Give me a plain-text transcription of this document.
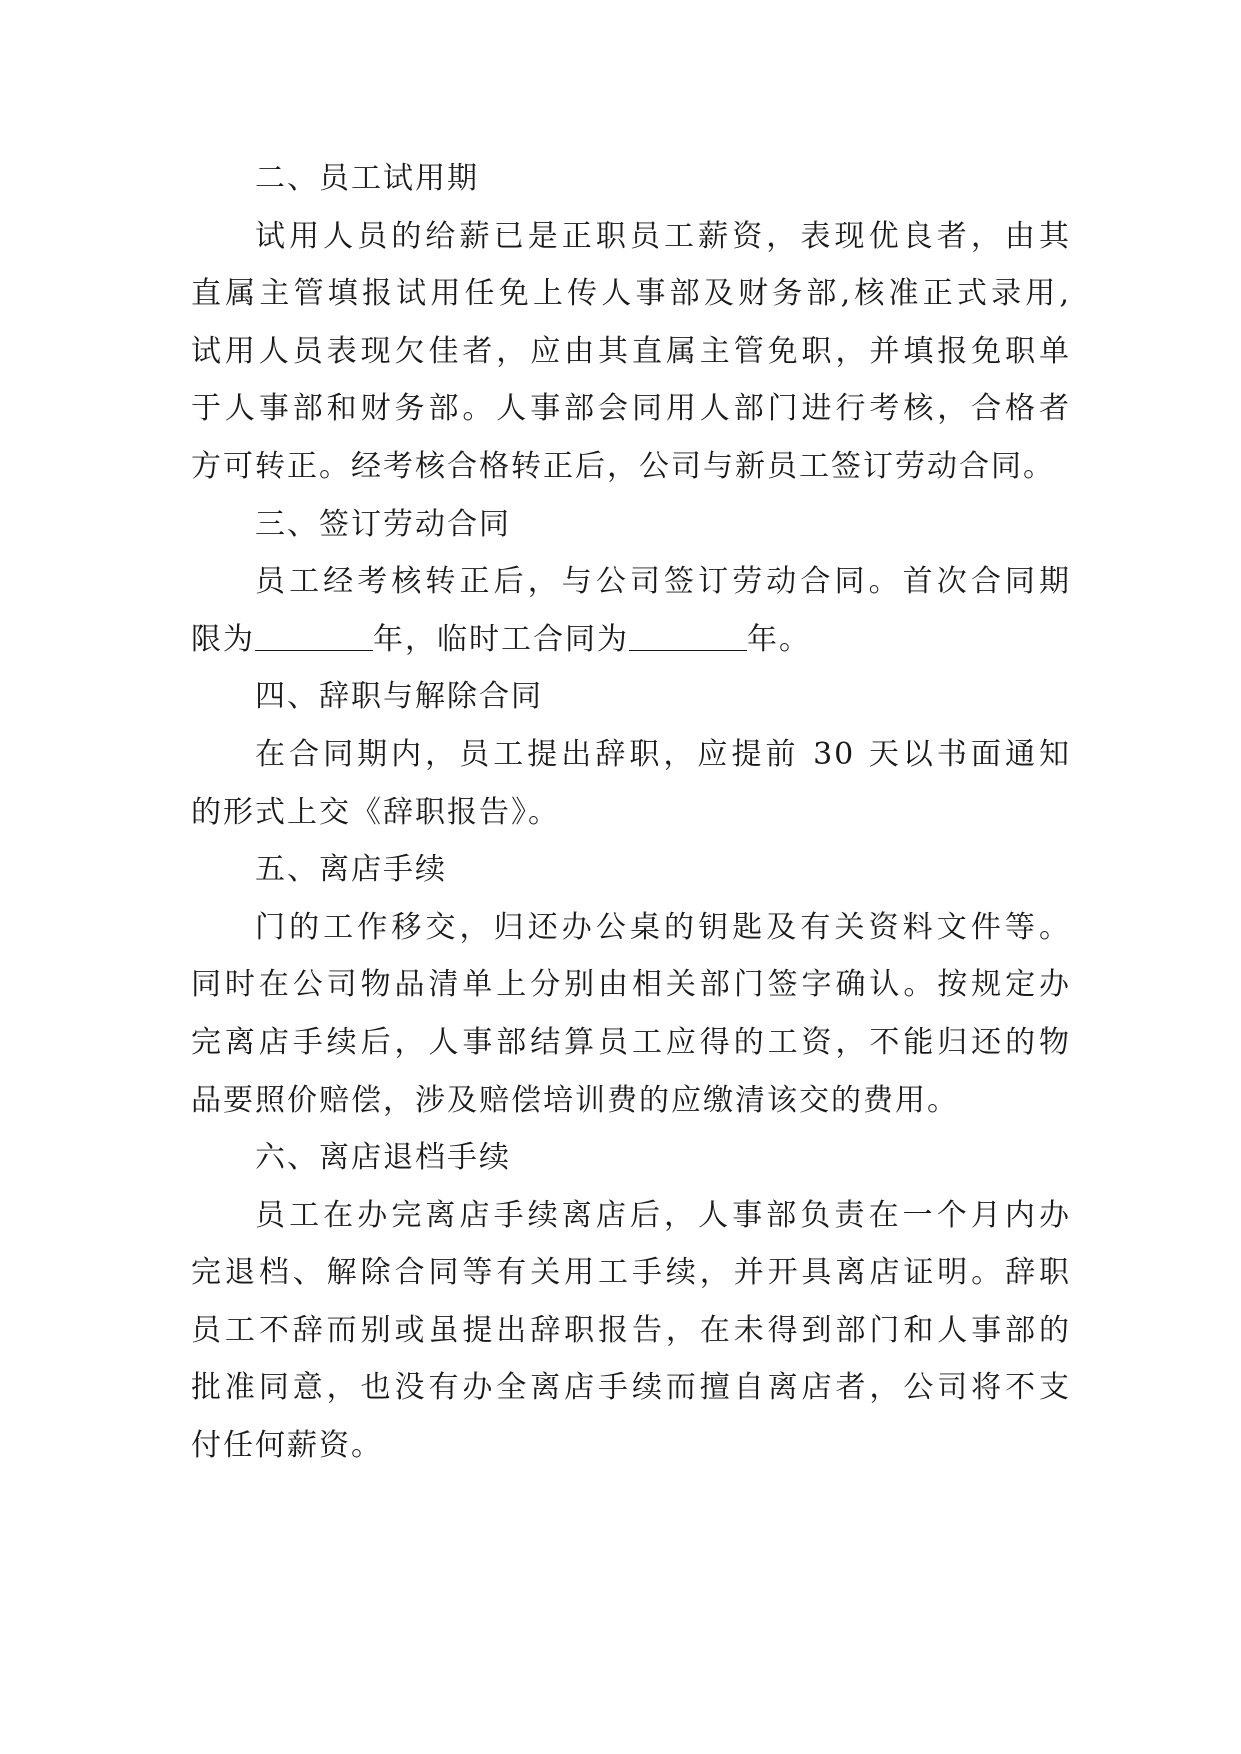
二、员工试用期
试用人员的给薪已是正职员工薪资，表现优良者，由其
直属主管填报试用任免上传人事部及财务部,核准正式录用,
试用人员表现欠佳者，应由其直属主管免职，并填报免职单
于人事部和财务部。人事部会同用人部门进行考核，合格者
方可转正。经考核合格转正后，公司与新员工签订劳动合同。
三、签订劳动合同
员工经考核转正后，与公司签订劳动合同。首次合同期
限为	年，临时工合同为	年。
四、辞职与解除合同
在合同期内，员工提出辞职，应提前 30 天以书面通知
的形式上交《辞职报告》。
五、离店手续
门的工作移交，归还办公桌的钥匙及有关资料文件等。
同时在公司物品清单上分别由相关部门签字确认。按规定办
完离店手续后，人事部结算员工应得的工资，不能归还的物
品要照价赔偿，涉及赔偿培训费的应缴清该交的费用。
六、离店退档手续
员工在办完离店手续离店后，人事部负责在一个月内办
完退档、解除合同等有关用工手续，并开具离店证明。辞职
员工不辞而别或虽提出辞职报告，在未得到部门和人事部的
批准同意，也没有办全离店手续而擅自离店者，公司将不支
付任何薪资。
